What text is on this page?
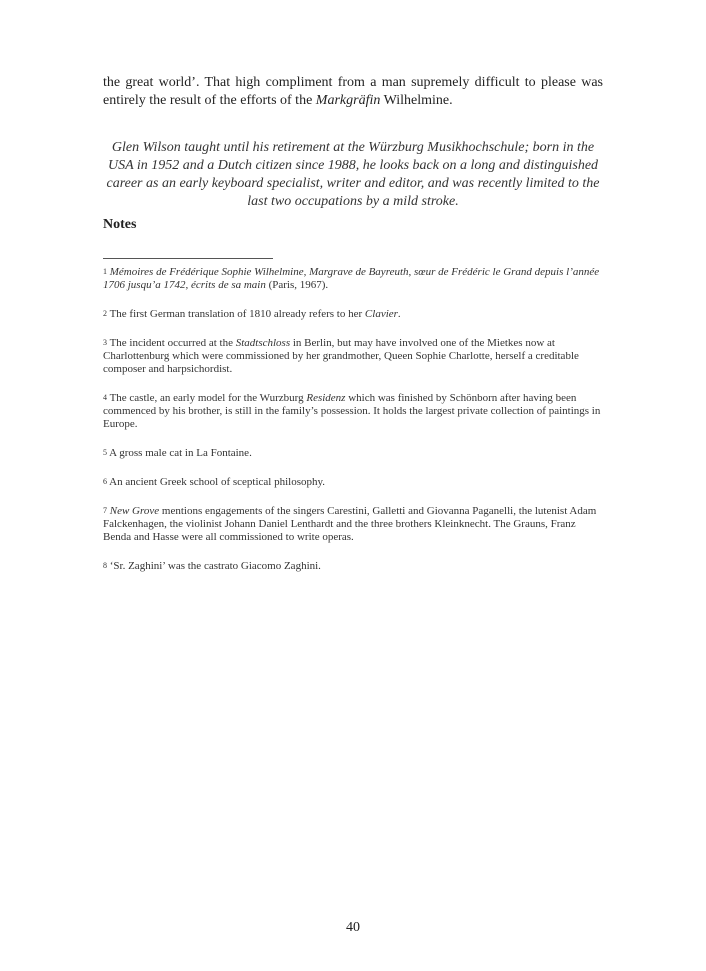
the great world’. That high compliment from a man supremely difficult to please was entirely the result of the efforts of the Markgräfin Wilhelmine.

Glen Wilson taught until his retirement at the Würzburg Musikhochschule; born in the USA in 1952 and a Dutch citizen since 1988, he looks back on a long and distinguished career as an early keyboard specialist, writer and editor, and was recently limited to the last two occupations by a mild stroke.

Notes

$^1$ Mémoires de Frédérique Sophie Wilhelmine, Margrave de Bayreuth, sœur de Frédéric le Grand depuis l’année 1706 jusqu’a 1742, écrits de sa main (Paris, 1967).

$^2$ The first German translation of 1810 already refers to her Clavier.

$^3$ The incident occurred at the Stadtschloss in Berlin, but may have involved one of the Mietkes now at Charlottenburg which were commissioned by her grandmother, Queen Sophie Charlotte, herself a creditable composer and harpsichordist.

$^4$ The castle, an early model for the Wurzburg Residenz which was finished by Schönborn after having been commenced by his brother, is still in the family’s possession. It holds the largest private collection of paintings in Europe.

$^5$ A gross male cat in La Fontaine.

$^6$ An ancient Greek school of sceptical philosophy.

$^7$ New Grove mentions engagements of the singers Carestini, Galletti and Giovanna Paganelli, the lutenist Adam Falckenhagen, the violinist Johann Daniel Lenthardt and the three brothers Kleinknecht. The Grauns, Franz Benda and Hasse were all commissioned to write operas.

$^8$ ‘Sr. Zaghini’ was the castrato Giacomo Zaghini.

40
